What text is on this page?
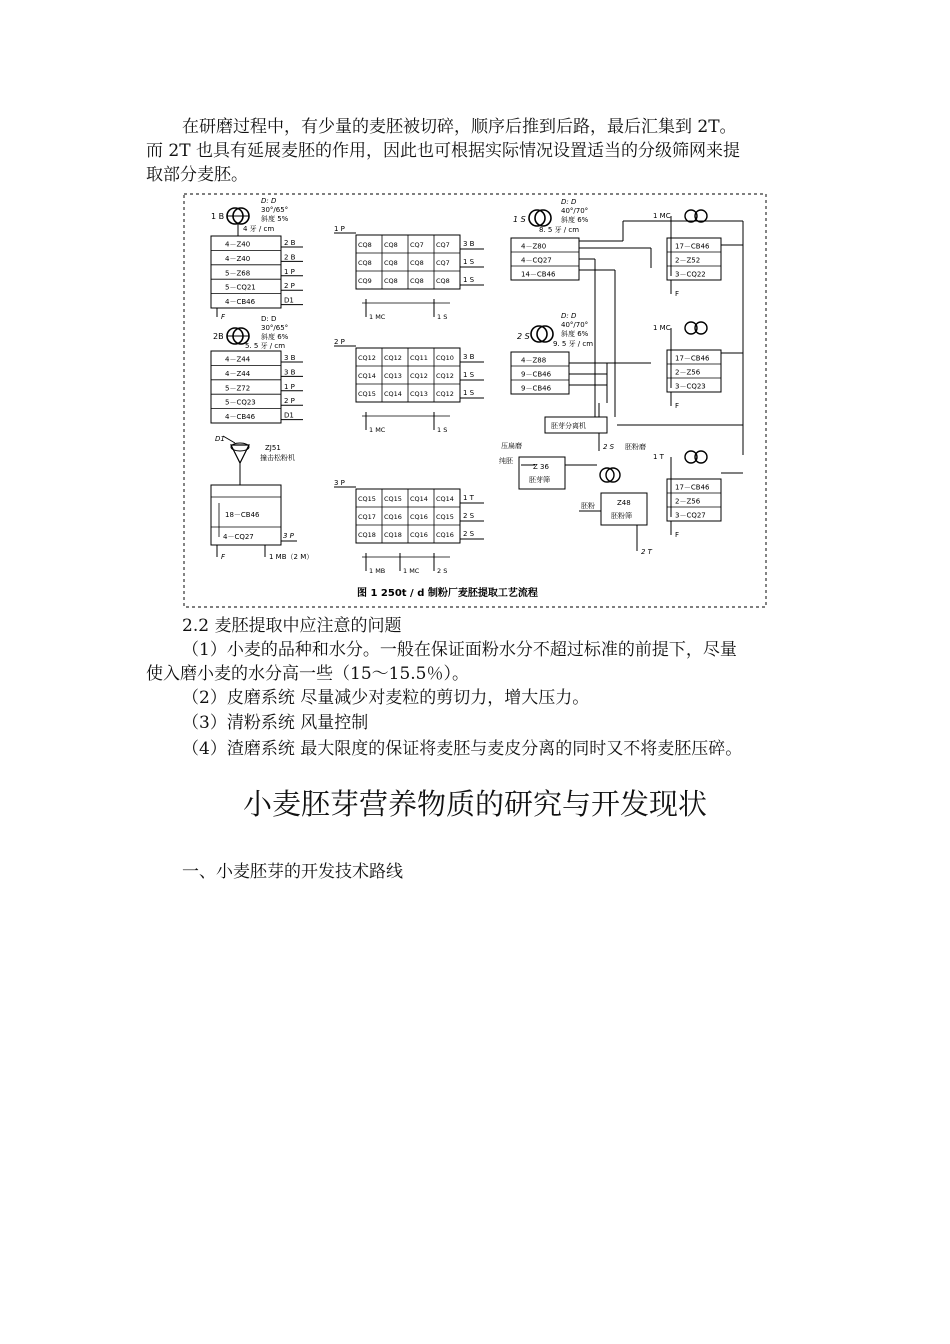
在研磨过程中，有少量的麦胚被切碎，顺序后推到后路，最后汇集到 2T。
而 2T 也具有延展麦胚的作用，因此也可根据实际情况设置适当的分级筛网来提
取部分麦胚。
1 B
D: D
30°/65°
斜度 5%
4 牙 / cm
4－Z40	2 B
4－Z40	2 B
5－Z68	1 P
5－CQ21	2 P
4－CB46	D1
F
2B
D: D
30°/65°
斜度 6%
5. 5 牙 / cm
4－Z44	3 B
4－Z44	3 B
5－Z72	1 P
5－CQ23	2 P
4－CB46	D1
D1
ZJ51
撞击松粉机
18－CB46
4－CQ27	3 P
F	1 MB（2 M）
1 P
CQ8 CQ8 CQ7 CQ7 3 B
CQ8 CQ8 CQ8 CQ7 1 S
CQ9 CQ8 CQ8 CQ8 1 S
1 MC	1 S
2 P
CQ12 CQ12 CQ11 CQ10 3 B
CQ14 CQ13 CQ12 CQ12 1 S
CQ15 CQ14 CQ13 CQ12 1 S
1 MC	1 S
3 P
CQ15 CQ15 CQ14 CQ14 1 T
CQ17 CQ16 CQ16 CQ15 2 S
CQ18 CQ18 CQ16 CQ16 2 S
1 MB	1 MC	2 S
1 S
D: D
40°/70°
斜度 6%
8. 5 牙 / cm
4－Z80
4－CQ27
14－CB46
2 S
D: D
40°/70°
斜度 6%
9. 5 牙 / cm
4－Z88
9－CB46
9－CB46
1 MC
17－CB46
2－Z52
3－CQ22
F
1 MC
17－CB46
2－Z56
3－CQ23
F
1 T
17－CB46
2－Z56
3－CQ27
F
胚芽分离机
2 S
压扁磨
纯胚
Z 36
胚芽筛
胚粉磨
Z48
胚粉筛
胚粉
2 T
图 1 250t / d 制粉厂麦胚提取工艺流程
2.2 麦胚提取中应注意的问题
（1）小麦的品种和水分。一般在保证面粉水分不超过标准的前提下，尽量
使入磨小麦的水分高一些（15～15.5％）。
（2）皮磨系统 尽量减少对麦粒的剪切力，增大压力。
（3）清粉系统 风量控制
（4）渣磨系统 最大限度的保证将麦胚与麦皮分离的同时又不将麦胚压碎。
小麦胚芽营养物质的研究与开发现状
一、小麦胚芽的开发技术路线
